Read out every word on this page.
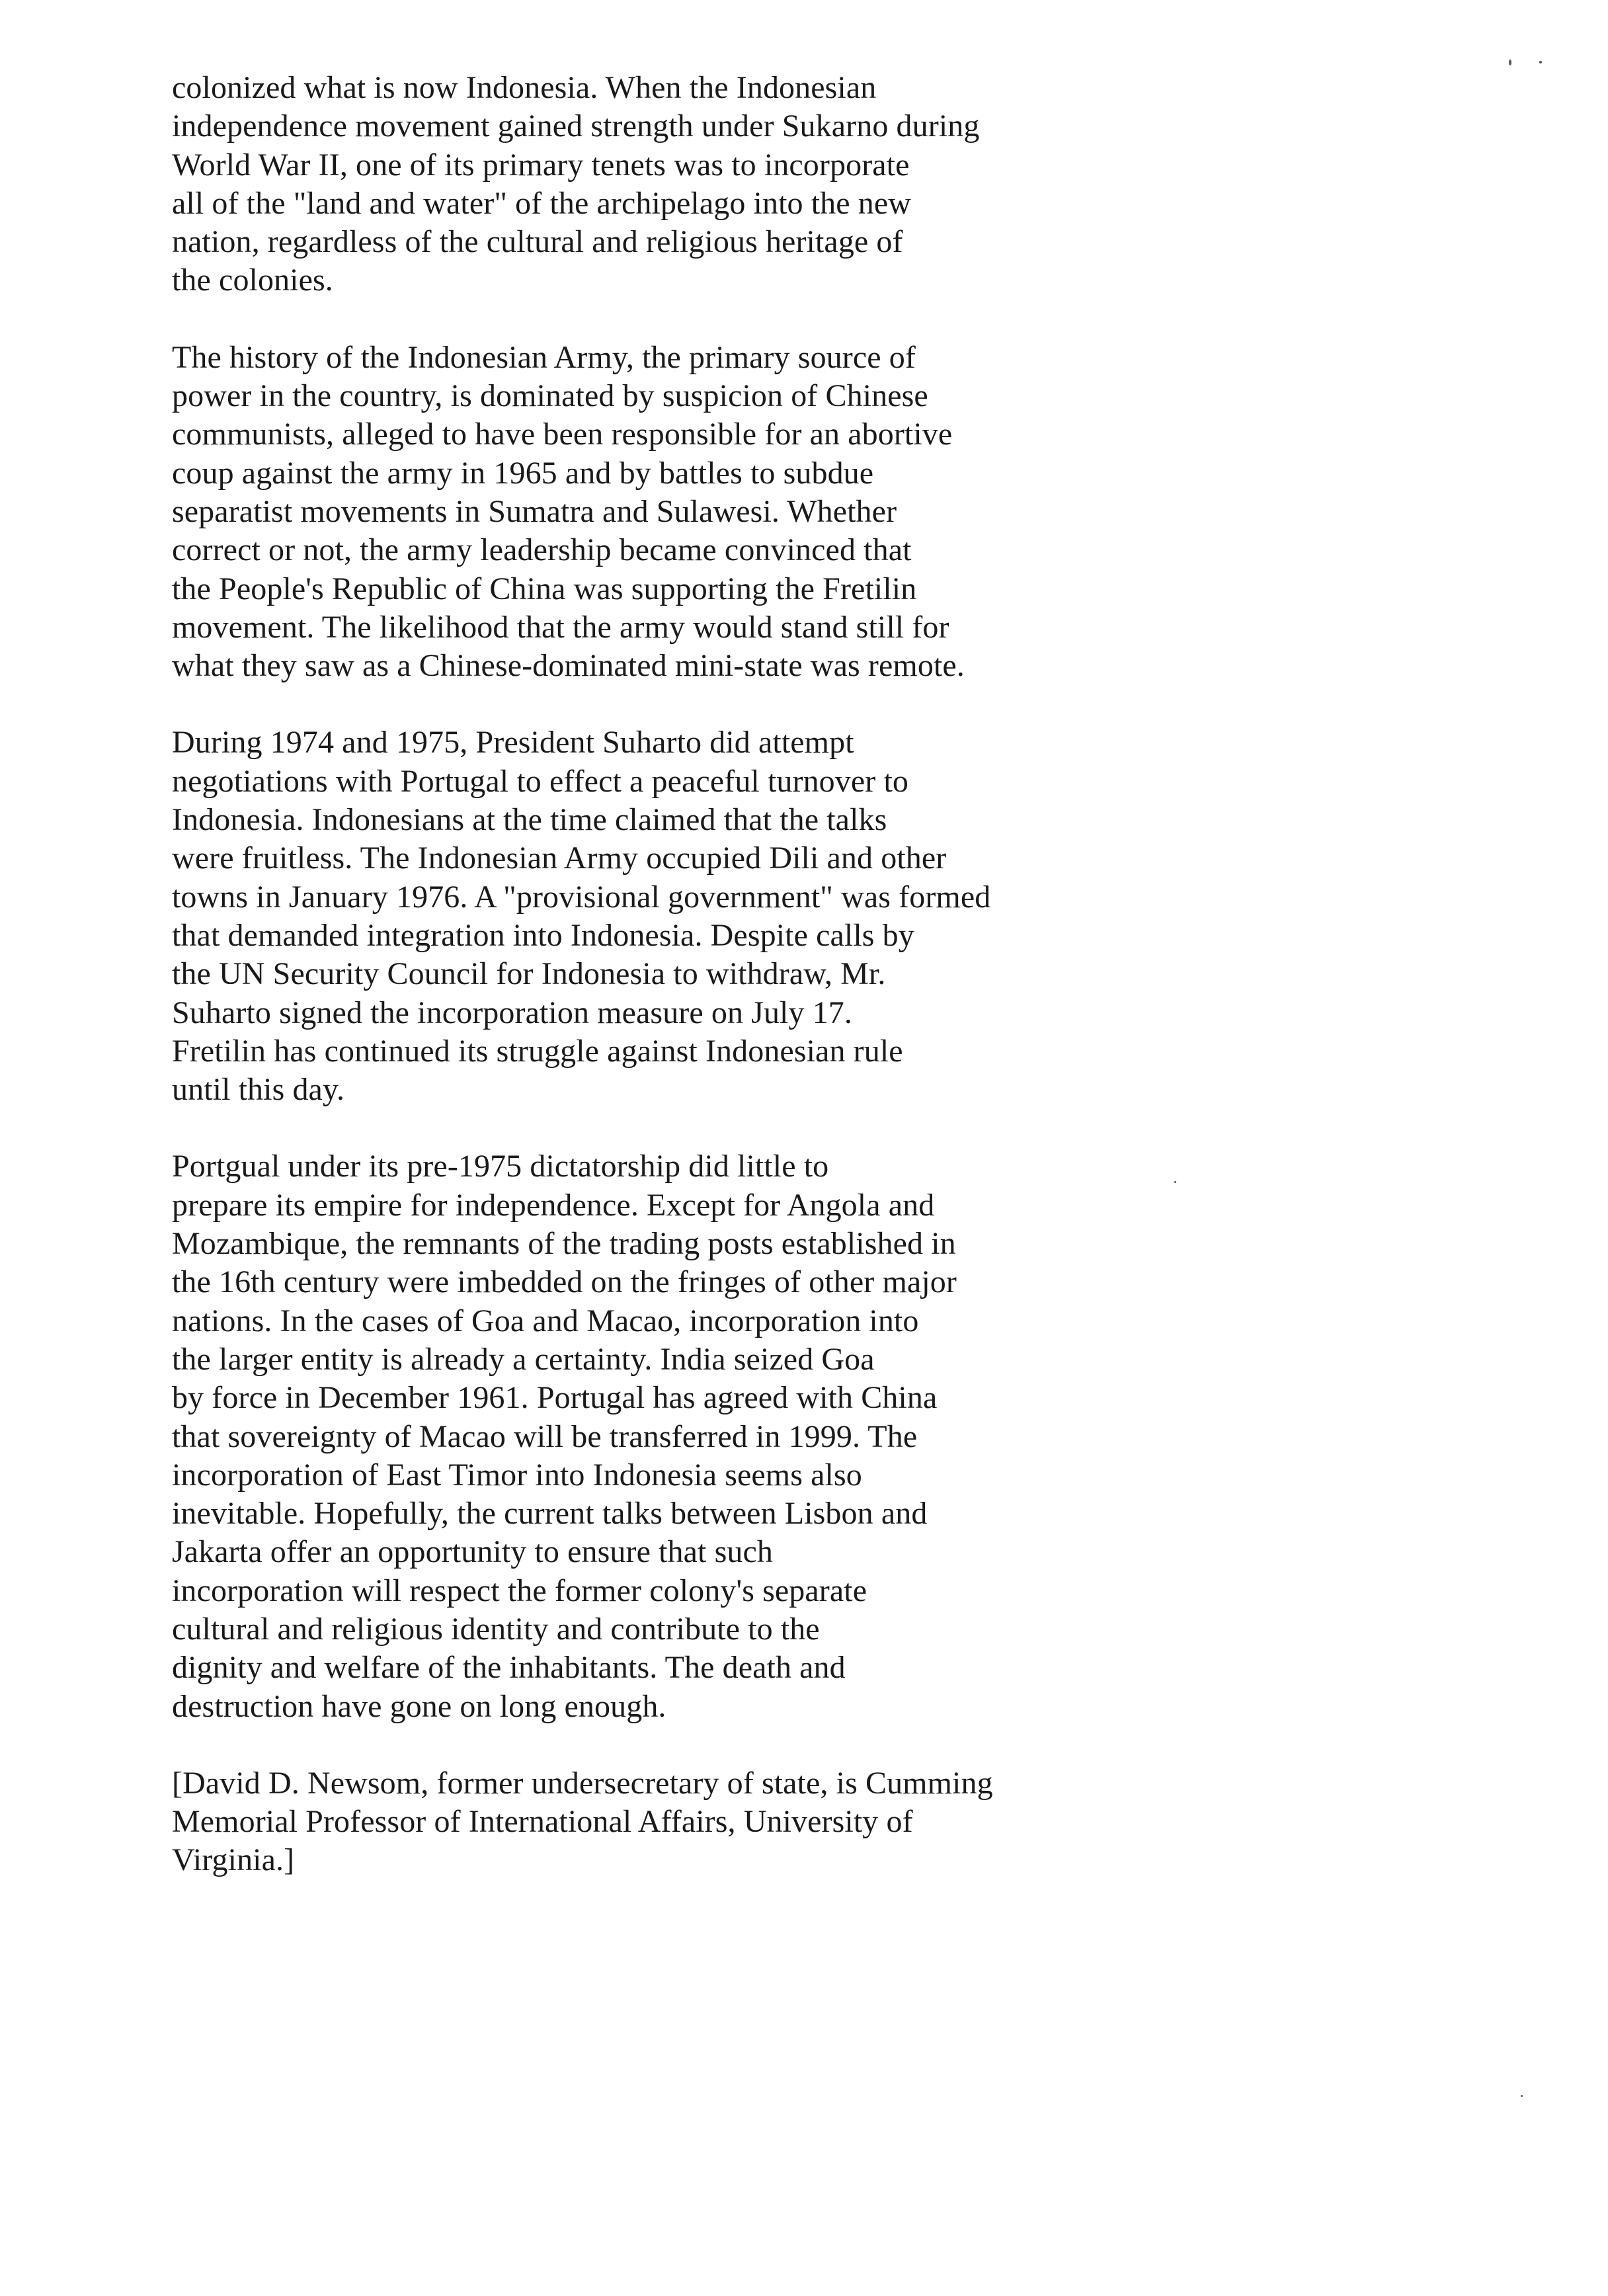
colonized what is now Indonesia. When the Indonesian
independence movement gained strength under Sukarno during
World War II, one of its primary tenets was to incorporate
all of the "land and water" of the archipelago into the new
nation, regardless of the cultural and religious heritage of
the colonies.
The history of the Indonesian Army, the primary source of
power in the country, is dominated by suspicion of Chinese
communists, alleged to have been responsible for an abortive
coup against the army in 1965 and by battles to subdue
separatist movements in Sumatra and Sulawesi. Whether
correct or not, the army leadership became convinced that
the People's Republic of China was supporting the Fretilin
movement. The likelihood that the army would stand still for
what they saw as a Chinese-dominated mini-state was remote.
During 1974 and 1975, President Suharto did attempt
negotiations with Portugal to effect a peaceful turnover to
Indonesia. Indonesians at the time claimed that the talks
were fruitless. The Indonesian Army occupied Dili and other
towns in January 1976. A "provisional government" was formed
that demanded integration into Indonesia. Despite calls by
the UN Security Council for Indonesia to withdraw, Mr.
Suharto signed the incorporation measure on July 17.
Fretilin has continued its struggle against Indonesian rule
until this day.
Portgual under its pre-1975 dictatorship did little to
prepare its empire for independence. Except for Angola and
Mozambique, the remnants of the trading posts established in
the 16th century were imbedded on the fringes of other major
nations. In the cases of Goa and Macao, incorporation into
the larger entity is already a certainty. India seized Goa
by force in December 1961. Portugal has agreed with China
that sovereignty of Macao will be transferred in 1999. The
incorporation of East Timor into Indonesia seems also
inevitable. Hopefully, the current talks between Lisbon and
Jakarta offer an opportunity to ensure that such
incorporation will respect the former colony's separate
cultural and religious identity and contribute to the
dignity and welfare of the inhabitants. The death and
destruction have gone on long enough.
[David D. Newsom, former undersecretary of state, is Cumming
Memorial Professor of International Affairs, University of
Virginia.]
